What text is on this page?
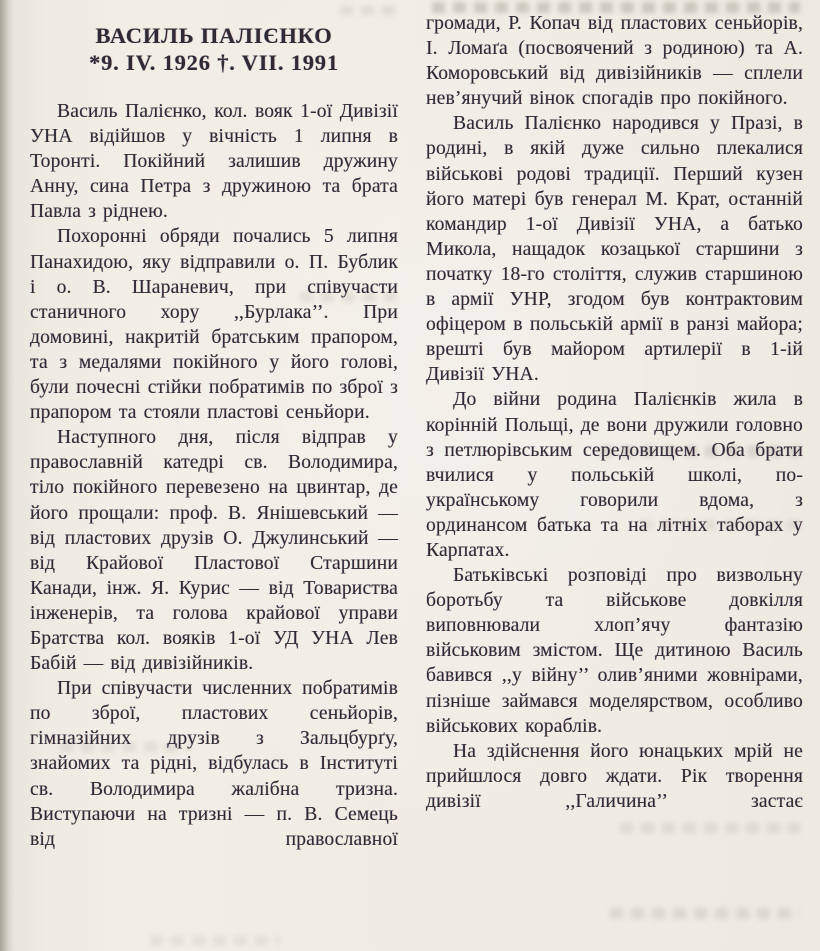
ВАСИЛЬ ПАЛІЄНКО
*9. IV. 1926 †. VII. 1991

Василь Палієнко, кол. вояк 1-ої Дивізії УНА відійшов у вічність 1 липня в Торонті. Покійний залишив дружину Анну, сина Петра з дружиною та брата Павла з ріднею.

Похоронні обряди почались 5 липня Панахидою, яку відправили о. П. Бублик і о. В. Шараневич, при співучасти станичного хору ,,Бурлака’’. При домовині, накритій братським прапором, та з медалями покійного у його голові, були почесні стійки побратимів по зброї з прапором та стояли пластові сеньйори.

Наступного дня, після відправ у православній катедрі св. Володимира, тіло покійного перевезено на цвинтар, де його прощали: проф. В. Янішевський — від пластових друзів О. Джулинський — від Крайової Пластової Старшини Канади, інж. Я. Курис — від Товариства інженерів, та голова крайової управи Братства кол. вояків 1-ої УД УНА Лев Бабій — від дивізійників.

При співучасти численних побратимів по зброї, пластових сеньйорів, гімназійних друзів з Зальцбурґу, знайомих та рідні, відбулась в Інституті св. Володимира жалібна тризна. Виступаючи на тризні — п. В. Семець від православної

громади, Р. Копач від пластових сеньйорів, І. Ломаґа (посвоячений з родиною) та А. Коморовський від дивізійників — сплели нев’янучий вінок спогадів про покійного.

Василь Палієнко народився у Празі, в родині, в якій дуже сильно плекалися військові родові традиції. Перший кузен його матері був генерал М. Крат, останній командир 1-ої Дивізії УНА, а батько Микола, нащадок козацької старшини з початку 18-го століття, служив старшиною в армії УНР, згодом був контрактовим офіцером в польській армії в ранзі майора; врешті був майором артилерії в 1-ій Дивізії УНА.

До війни родина Палієнків жила в корінній Польщі, де вони дружили головно з петлюрівським середовищем. Оба брати вчилися у польській школі, по-українському говорили вдома, з ординансом батька та на літніх таборах у Карпатах.

Батьківські розповіді про визвольну боротьбу та військове довкілля виповнювали хлоп’ячу фантазію військовим змістом. Ще дитиною Василь бавився ,,у війну’’ олив’яними жовнірами, пізніше займався моделярством, особливо військових кораблів.

На здійснення його юнацьких мрій не прийшлося довго ждати. Рік творення дивізії ,,Галичина’’ застає
